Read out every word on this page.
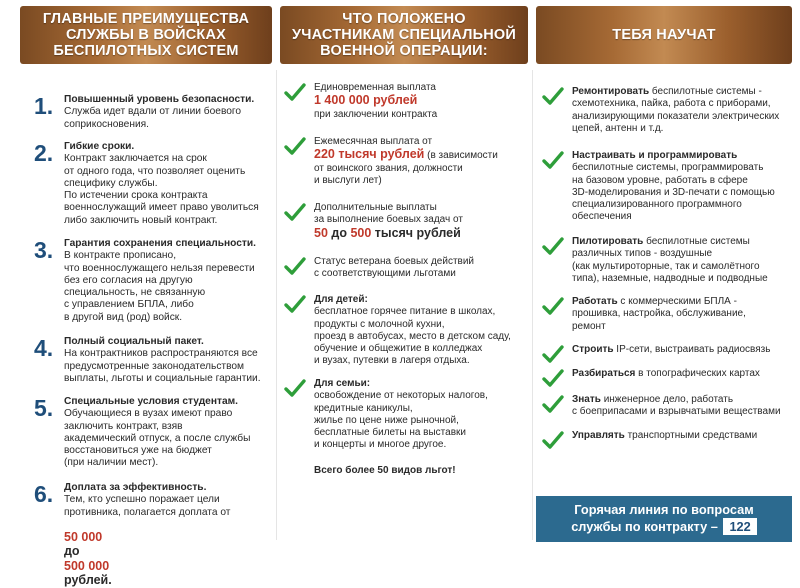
ГЛАВНЫЕ ПРЕИМУЩЕСТВА
СЛУЖБЫ В ВОЙСКАХ
БЕСПИЛОТНЫХ СИСТЕМ
1. Повышенный уровень безопасности.
Служба идет вдали от линии боевого
соприкосновения.
2. Гибкие сроки.
Контракт заключается на срок
от одного года, что позволяет оценить
специфику службы.
По истечении срока контракта
военнослужащий имеет право уволиться
либо заключить новый контракт.
3. Гарантия сохранения специальности.
В контракте прописано,
что военнослужащего нельзя перевести
без его согласия на другую
специальность, не связанную
с управлением БПЛА, либо
в другой вид (род) войск.
4. Полный социальный пакет.
На контрактников распространяются все
предусмотренные законодательством
выплаты, льготы и социальные гарантии.
5. Специальные условия студентам.
Обучающиеся в вузах имеют право
заключить контракт, взяв
академический отпуск, а после службы
восстановиться уже на бюджет
(при наличии мест).
6. Доплата за эффективность.
Тем, кто успешно поражает цели
противника, полагается доплата от

50 000
до
500 000
рублей.

ЧТО ПОЛОЖЕНО
УЧАСТНИКАМ СПЕЦИАЛЬНОЙ
ВОЕННОЙ ОПЕРАЦИИ:
Единовременная выплата
1 400 000 рублей
при заключении контракта
Ежемесячная выплата от
220 тысяч рублей (в зависимости
от воинского звания, должности
и выслуги лет)
Дополнительные выплаты
за выполнение боевых задач от
50 до 500 тысяч рублей
Статус ветерана боевых действий
с соответствующими льготами
Для детей:
бесплатное горячее питание в школах,
продукты с молочной кухни,
проезд в автобусах, место в детском саду,
обучение и общежитие в колледжах
и вузах, путевки в лагеря отдыха.
Для семьи:
освобождение от некоторых налогов,
кредитные каникулы,
жилье по цене ниже рыночной,
бесплатные билеты на выставки
и концерты и многое другое.
Всего более 50 видов льгот!
ТЕБЯ НАУЧАТ
Ремонтировать беспилотные системы -
схемотехника, пайка, работа с приборами,
анализирующими показатели электрических
цепей, антенн и т.д.
Настраивать и программировать
беспилотные системы, программировать
на базовом уровне, работать в сфере
3D-моделирования и 3D-печати с помощью
специализированного программного
обеспечения
Пилотировать беспилотные системы
различных типов - воздушные
(как мультироторные, так и самолётного
типа), наземные, надводные и подводные
Работать с коммерческими БПЛА -
прошивка, настройка, обслуживание,
ремонт
Строить IP-сети, выстраивать радиосвязь
Разбираться в топографических картах
Знать инженерное дело, работать
с боеприпасами и взрывчатыми веществами
Управлять транспортными средствами
Горячая линия по вопросам
службы по контракту – 122
